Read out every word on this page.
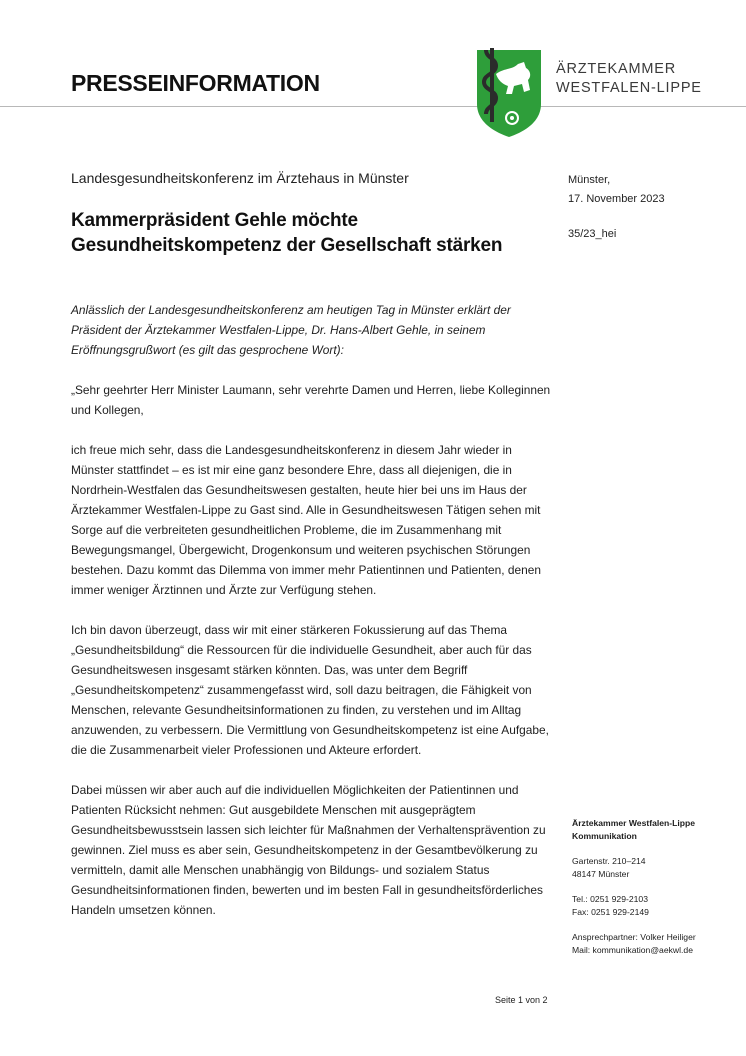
PRESSEINFORMATION
ÄRZTEKAMMER
WESTFALEN-LIPPE
Landesgesundheitskonferenz im Ärztehaus in Münster
Kammerpräsident Gehle möchte
Gesundheitskompetenz der Gesellschaft stärken
Münster,
17. November 2023
35/23_hei

Anlässlich der Landesgesundheitskonferenz am heutigen Tag in Münster erklärt der Präsident der Ärztekammer Westfalen-Lippe, Dr. Hans-Albert Gehle, in seinem Eröffnungsgrußwort (es gilt das gesprochene Wort):

„Sehr geehrter Herr Minister Laumann, sehr verehrte Damen und Herren, liebe Kolleginnen und Kollegen,

ich freue mich sehr, dass die Landesgesundheitskonferenz in diesem Jahr wieder in Münster stattfindet – es ist mir eine ganz besondere Ehre, dass all diejenigen, die in Nordrhein-Westfalen das Gesundheitswesen gestalten, heute hier bei uns im Haus der Ärztekammer Westfalen-Lippe zu Gast sind. Alle in Gesundheitswesen Tätigen sehen mit Sorge auf die verbreiteten gesundheitlichen Probleme, die im Zusammenhang mit Bewegungsmangel, Übergewicht, Drogenkonsum und weiteren psychischen Störungen bestehen. Dazu kommt das Dilemma von immer mehr Patientinnen und Patienten, denen immer weniger Ärztinnen und Ärzte zur Verfügung stehen.

Ich bin davon überzeugt, dass wir mit einer stärkeren Fokussierung auf das Thema „Gesundheitsbildung“ die Ressourcen für die individuelle Gesundheit, aber auch für das Gesundheitswesen insgesamt stärken könnten. Das, was unter dem Begriff „Gesundheitskompetenz“ zusammengefasst wird, soll dazu beitragen, die Fähigkeit von Menschen, relevante Gesundheitsinformationen zu finden, zu verstehen und im Alltag anzuwenden, zu verbessern. Die Vermittlung von Gesundheitskompetenz ist eine Aufgabe, die die Zusammenarbeit vieler Professionen und Akteure erfordert.

Dabei müssen wir aber auch auf die individuellen Möglichkeiten der Patientinnen und Patienten Rücksicht nehmen: Gut ausgebildete Menschen mit ausgeprägtem Gesundheitsbewusstsein lassen sich leichter für Maßnahmen der Verhaltensprävention zu gewinnen. Ziel muss es aber sein, Gesundheitskompetenz in der Gesamtbevölkerung zu vermitteln, damit alle Menschen unabhängig von Bildungs- und sozialem Status Gesundheitsinformationen finden, bewerten und im besten Fall in gesundheitsförderliches Handeln umsetzen können.

Ärztekammer Westfalen-Lippe
Kommunikation
Gartenstr. 210–214
48147 Münster
Tel.: 0251 929-2103
Fax: 0251 929-2149
Ansprechpartner: Volker Heiliger
Mail: kommunikation@aekwl.de
Seite 1 von 2
